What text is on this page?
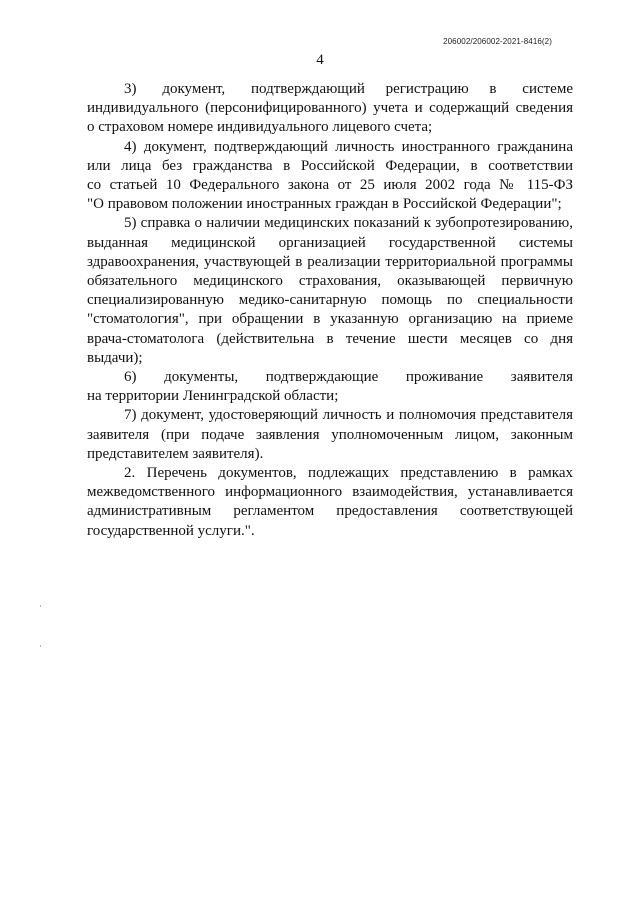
206002/206002-2021-8416(2)
4

3)     документ,     подтверждающий    регистрацию    в     системе
индивидуального (персонифицированного) учета и содержащий сведения
о страховом номере индивидуального лицевого счета;

4) документ, подтверждающий личность иностранного гражданина
или лица без гражданства в Российской Федерации, в соответствии
со статьей 10 Федерального закона от 25 июля 2002 года № 115-ФЗ
"О правовом положении иностранных граждан в Российской Федерации";

5) справка о наличии медицинских показаний к зубопротезированию,
выданная медицинской организацией государственной системы
здравоохранения, участвующей в реализации территориальной программы
обязательного медицинского страхования, оказывающей первичную
специализированную медико-санитарную помощь по специальности
"стоматология", при обращении в указанную организацию на приеме
врача-стоматолога (действительна в течение шести месяцев со дня
выдачи);

6)      документы,      подтверждающие      проживание      заявителя
на территории Ленинградской области;

7) документ, удостоверяющий личность и полномочия представителя
заявителя (при подаче заявления уполномоченным лицом, законным
представителем заявителя).

2. Перечень документов, подлежащих представлению в рамках
межведомственного информационного взаимодействия, устанавливается
административным регламентом предоставления соответствующей
государственной услуги.".
